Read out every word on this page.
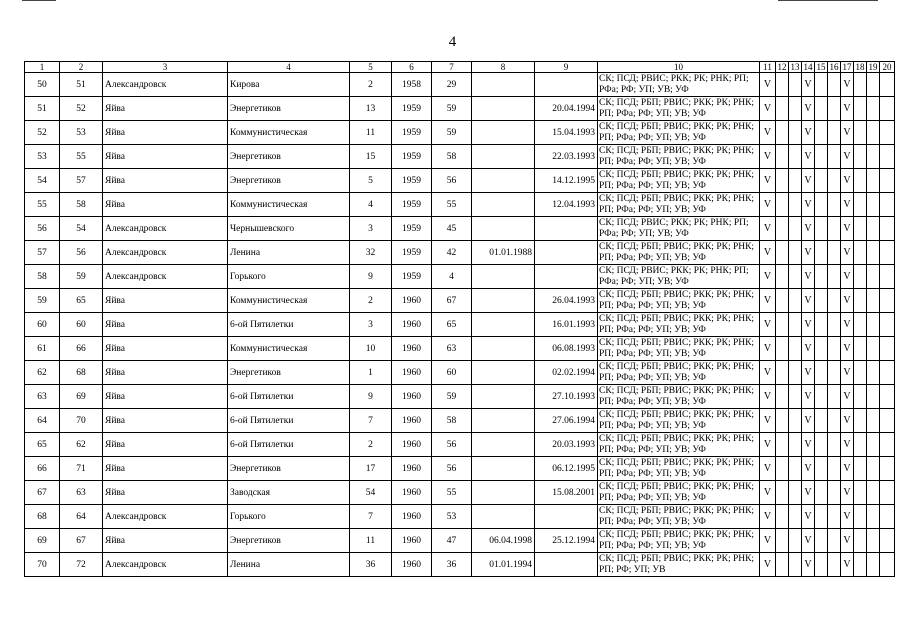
4
1	2	3	4	5	6	7	8	9	10	11	12	13	14	15	16	17	18	19	20
50	51	Александровск	Кирова	2	1958	29			СК; ПСД; РВИС; РКК; РК; РНК; РП; РФа; РФ; УП; УВ; УФ	V			V			V			
51	52	Яйва	Энергетиков	13	1959	59		20.04.1994	СК; ПСД; РБП; РВИС; РКК; РК; РНК; РП; РФа; РФ; УП; УВ; УФ	V			V			V			
52	53	Яйва	Коммунистическая	11	1959	59		15.04.1993	СК; ПСД; РБП; РВИС; РКК; РК; РНК; РП; РФа; РФ; УП; УВ; УФ	V			V			V			
53	55	Яйва	Энергетиков	15	1959	58		22.03.1993	СК; ПСД; РБП; РВИС; РКК; РК; РНК; РП; РФа; РФ; УП; УВ; УФ	V			V			V			
54	57	Яйва	Энергетиков	5	1959	56		14.12.1995	СК; ПСД; РБП; РВИС; РКК; РК; РНК; РП; РФа; РФ; УП; УВ; УФ	V			V			V			
55	58	Яйва	Коммунистическая	4	1959	55		12.04.1993	СК; ПСД; РБП; РВИС; РКК; РК; РНК; РП; РФа; РФ; УП; УВ; УФ	V			V			V			
56	54	Александровск	Чернышевского	3	1959	45			СК; ПСД; РВИС; РКК; РК; РНК; РП; РФа; РФ; УП; УВ; УФ	V			V			V			
57	56	Александровск	Ленина	32	1959	42	01.01.1988		СК; ПСД; РБП; РВИС; РКК; РК; РНК; РП; РФа; РФ; УП; УВ; УФ	V			V			V			
58	59	Александровск	Горького	9	1959	4			СК; ПСД; РВИС; РКК; РК; РНК; РП; РФа; РФ; УП; УВ; УФ	V			V			V			
59	65	Яйва	Коммунистическая	2	1960	67		26.04.1993	СК; ПСД; РБП; РВИС; РКК; РК; РНК; РП; РФа; РФ; УП; УВ; УФ	V			V			V			
60	60	Яйва	6-ой Пятилетки	3	1960	65		16.01.1993	СК; ПСД; РБП; РВИС; РКК; РК; РНК; РП; РФа; РФ; УП; УВ; УФ	V			V			V			
61	66	Яйва	Коммунистическая	10	1960	63		06.08.1993	СК; ПСД; РБП; РВИС; РКК; РК; РНК; РП; РФа; РФ; УП; УВ; УФ	V			V			V			
62	68	Яйва	Энергетиков	1	1960	60		02.02.1994	СК; ПСД; РБП; РВИС; РКК; РК; РНК; РП; РФа; РФ; УП; УВ; УФ	V			V			V			
63	69	Яйва	6-ой Пятилетки	9	1960	59		27.10.1993	СК; ПСД; РБП; РВИС; РКК; РК; РНК; РП; РФа; РФ; УП; УВ; УФ	V			V			V			
64	70	Яйва	6-ой Пятилетки	7	1960	58		27.06.1994	СК; ПСД; РБП; РВИС; РКК; РК; РНК; РП; РФа; РФ; УП; УВ; УФ	V			V			V			
65	62	Яйва	6-ой Пятилетки	2	1960	56		20.03.1993	СК; ПСД; РБП; РВИС; РКК; РК; РНК; РП; РФа; РФ; УП; УВ; УФ	V			V			V			
66	71	Яйва	Энергетиков	17	1960	56		06.12.1995	СК; ПСД; РБП; РВИС; РКК; РК; РНК; РП; РФа; РФ; УП; УВ; УФ	V			V			V			
67	63	Яйва	Заводская	54	1960	55		15.08.2001	СК; ПСД; РБП; РВИС; РКК; РК; РНК; РП; РФа; РФ; УП; УВ; УФ	V			V			V			
68	64	Александровск	Горького	7	1960	53			СК; ПСД; РБП; РВИС; РКК; РК; РНК; РП; РФа; РФ; УП; УВ; УФ	V			V			V			
69	67	Яйва	Энергетиков	11	1960	47	06.04.1998	25.12.1994	СК; ПСД; РБП; РВИС; РКК; РК; РНК; РП; РФа; РФ; УП; УВ; УФ	V			V			V			
70	72	Александровск	Ленина	36	1960	36	01.01.1994		СК; ПСД; РБП; РВИС; РКК; РК; РНК; РП; РФ; УП; УВ	V			V			V			
